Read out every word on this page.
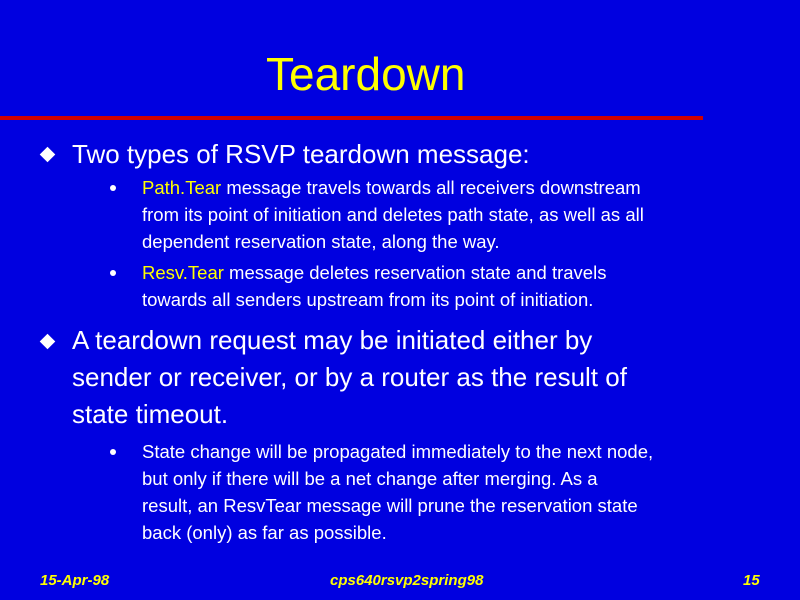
Teardown
Two types of RSVP teardown message:
Path.Tear message travels towards all receivers downstream
from its point of initiation and deletes path state, as well as all
dependent reservation state, along the way.
Resv.Tear message deletes reservation state and travels
towards all senders upstream from its point of initiation.
A teardown request may be initiated either by
sender or receiver, or by a router as the result of
state timeout.
State change will be propagated immediately to the next node,
but only if there will be a net change after merging. As a
result, an ResvTear message will prune the reservation state
back (only) as far as possible.
15-Apr-98	cps640rsvp2spring98	15
